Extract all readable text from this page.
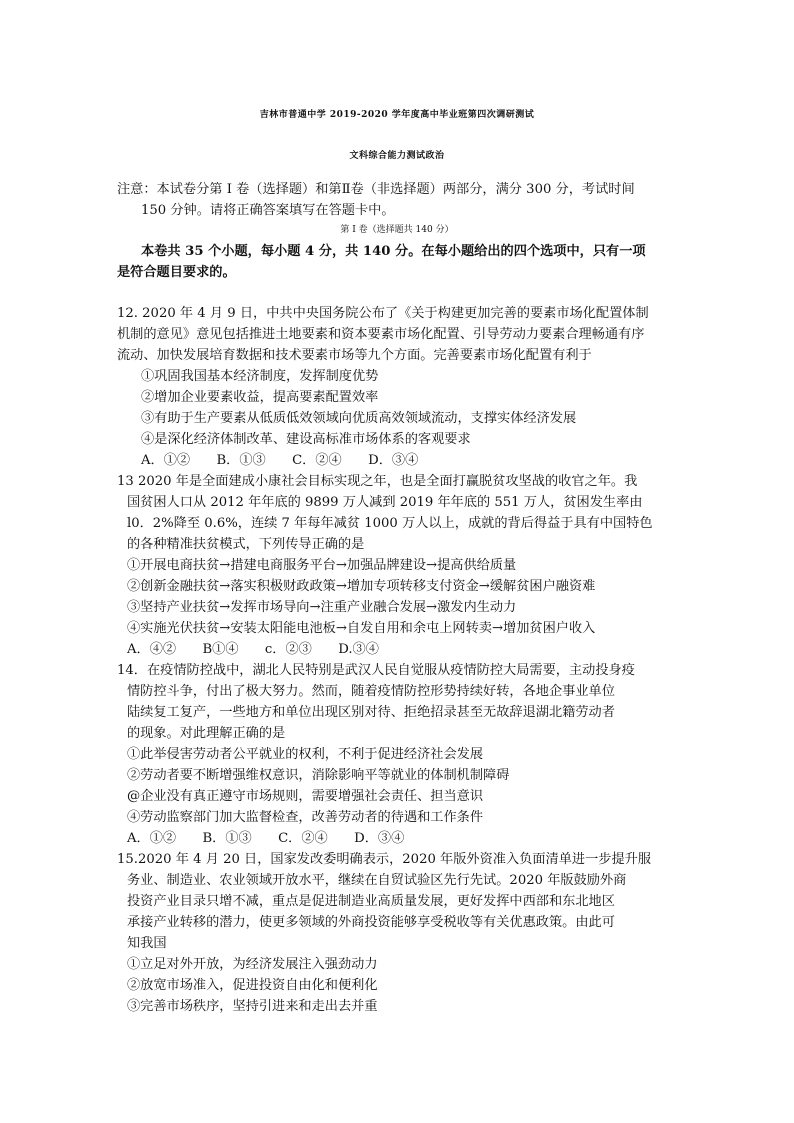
吉林市普通中学 2019-2020 学年度高中毕业班第四次调研测试
文科综合能力测试政治
注意：本试卷分第 I 卷（选择题）和第Ⅱ卷（非选择题）两部分，满分 300 分，考试时间
150 分钟。请将正确答案填写在答题卡中。
第 I 卷（选择题共 140 分）
本卷共 35 个小题，每小题 4 分，共 140 分。在每小题给出的四个选项中，只有一项
是符合题目要求的。
12. 2020 年 4 月 9 日，中共中央国务院公布了《关于构建更加完善的要素市场化配置体制
机制的意见》意见包括推进土地要素和资本要素市场化配置、引导劳动力要素合理畅通有序
流动、加快发展培育数据和技术要素市场等九个方面。完善要素市场化配置有利于
①巩固我国基本经济制度，发挥制度优势
②增加企业要素收益，提高要素配置效率
③有助于生产要素从低质低效领域向优质高效领域流动，支撑实体经济发展
④是深化经济体制改革、建设高标准市场体系的客观要求
A．①②　　B．①③　　C．②④　　D．③④
13 2020 年是全面建成小康社会目标实现之年，也是全面打赢脱贫攻坚战的收官之年。我
国贫困人口从 2012 年年底的 9899 万人减到 2019 年年底的 551 万人，贫困发生率由
l0．2%降至 0.6%，连续 7 年每年减贫 1000 万人以上，成就的背后得益于具有中国特色
的各种精准扶贫模式，下列传导正确的是
①开展电商扶贫→措建电商服务平台→加强品牌建设→提高供给质量
②创新金融扶贫→落实积极财政政策→增加专项转移支付资金→缓解贫困户融资难
③坚持产业扶贫→发挥市场导向→注重产业融合发展→激发内生动力
④实施光伏扶贫→安装太阳能电池板→自发自用和余屯上网转卖→增加贫困户收入
A．④②　　B①④　　c．②③　　D.③④
14．在疫情防控战中，湖北人民特别是武汉人民自觉服从疫情防控大局需要，主动投身疫
情防控斗争，付出了极大努力。然而，随着疫情防控形势持续好转，各地企事业单位
陆续复工复产，一些地方和单位出现区别对待、拒绝招录甚至无故辞退湖北籍劳动者
的现象。对此理解正确的是
①此举侵害劳动者公平就业的权利，不利于促进经济社会发展
②劳动者要不断增强维权意识，消除影响平等就业的体制机制障碍
@企业没有真正遵守市场规则，需要增强社会责任、担当意识
④劳动监察部门加大监督检查，改善劳动者的待遇和工作条件
A．①②　　B．①③　　C．②④　　D．③④
15.2020 年 4 月 20 日，国家发改委明确表示，2020 年版外资准入负面清单进一步提升服
务业、制造业、农业领域开放水平，继续在自贸试验区先行先试。2020 年版鼓励外商
投资产业目录只增不减，重点是促进制造业高质量发展，更好发挥中西部和东北地区
承接产业转移的潜力，使更多领域的外商投资能够享受税收等有关优惠政策。由此可
知我国
①立足对外开放，为经济发展注入强劲动力
②放宽市场准入，促进投资自由化和便利化
③完善市场秩序，坚持引进来和走出去并重
